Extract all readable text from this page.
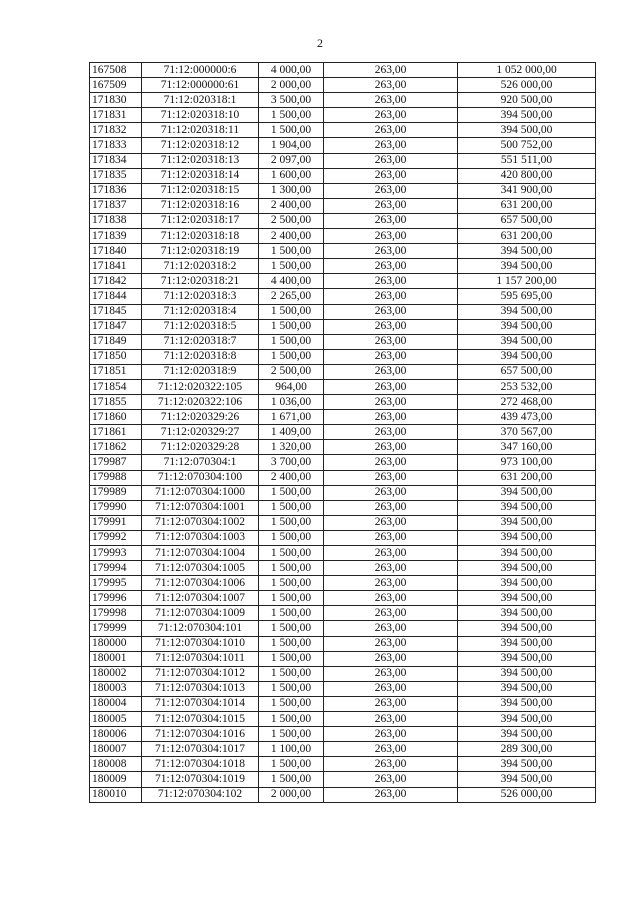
2
167508	71:12:000000:6	4 000,00	263,00	1 052 000,00
167509	71:12:000000:61	2 000,00	263,00	526 000,00
171830	71:12:020318:1	3 500,00	263,00	920 500,00
171831	71:12:020318:10	1 500,00	263,00	394 500,00
171832	71:12:020318:11	1 500,00	263,00	394 500,00
171833	71:12:020318:12	1 904,00	263,00	500 752,00
171834	71:12:020318:13	2 097,00	263,00	551 511,00
171835	71:12:020318:14	1 600,00	263,00	420 800,00
171836	71:12:020318:15	1 300,00	263,00	341 900,00
171837	71:12:020318:16	2 400,00	263,00	631 200,00
171838	71:12:020318:17	2 500,00	263,00	657 500,00
171839	71:12:020318:18	2 400,00	263,00	631 200,00
171840	71:12:020318:19	1 500,00	263,00	394 500,00
171841	71:12:020318:2	1 500,00	263,00	394 500,00
171842	71:12:020318:21	4 400,00	263,00	1 157 200,00
171844	71:12:020318:3	2 265,00	263,00	595 695,00
171845	71:12:020318:4	1 500,00	263,00	394 500,00
171847	71:12:020318:5	1 500,00	263,00	394 500,00
171849	71:12:020318:7	1 500,00	263,00	394 500,00
171850	71:12:020318:8	1 500,00	263,00	394 500,00
171851	71:12:020318:9	2 500,00	263,00	657 500,00
171854	71:12:020322:105	964,00	263,00	253 532,00
171855	71:12:020322:106	1 036,00	263,00	272 468,00
171860	71:12:020329:26	1 671,00	263,00	439 473,00
171861	71:12:020329:27	1 409,00	263,00	370 567,00
171862	71:12:020329:28	1 320,00	263,00	347 160,00
179987	71:12:070304:1	3 700,00	263,00	973 100,00
179988	71:12:070304:100	2 400,00	263,00	631 200,00
179989	71:12:070304:1000	1 500,00	263,00	394 500,00
179990	71:12:070304:1001	1 500,00	263,00	394 500,00
179991	71:12:070304:1002	1 500,00	263,00	394 500,00
179992	71:12:070304:1003	1 500,00	263,00	394 500,00
179993	71:12:070304:1004	1 500,00	263,00	394 500,00
179994	71:12:070304:1005	1 500,00	263,00	394 500,00
179995	71:12:070304:1006	1 500,00	263,00	394 500,00
179996	71:12:070304:1007	1 500,00	263,00	394 500,00
179998	71:12:070304:1009	1 500,00	263,00	394 500,00
179999	71:12:070304:101	1 500,00	263,00	394 500,00
180000	71:12:070304:1010	1 500,00	263,00	394 500,00
180001	71:12:070304:1011	1 500,00	263,00	394 500,00
180002	71:12:070304:1012	1 500,00	263,00	394 500,00
180003	71:12:070304:1013	1 500,00	263,00	394 500,00
180004	71:12:070304:1014	1 500,00	263,00	394 500,00
180005	71:12:070304:1015	1 500,00	263,00	394 500,00
180006	71:12:070304:1016	1 500,00	263,00	394 500,00
180007	71:12:070304:1017	1 100,00	263,00	289 300,00
180008	71:12:070304:1018	1 500,00	263,00	394 500,00
180009	71:12:070304:1019	1 500,00	263,00	394 500,00
180010	71:12:070304:102	2 000,00	263,00	526 000,00
